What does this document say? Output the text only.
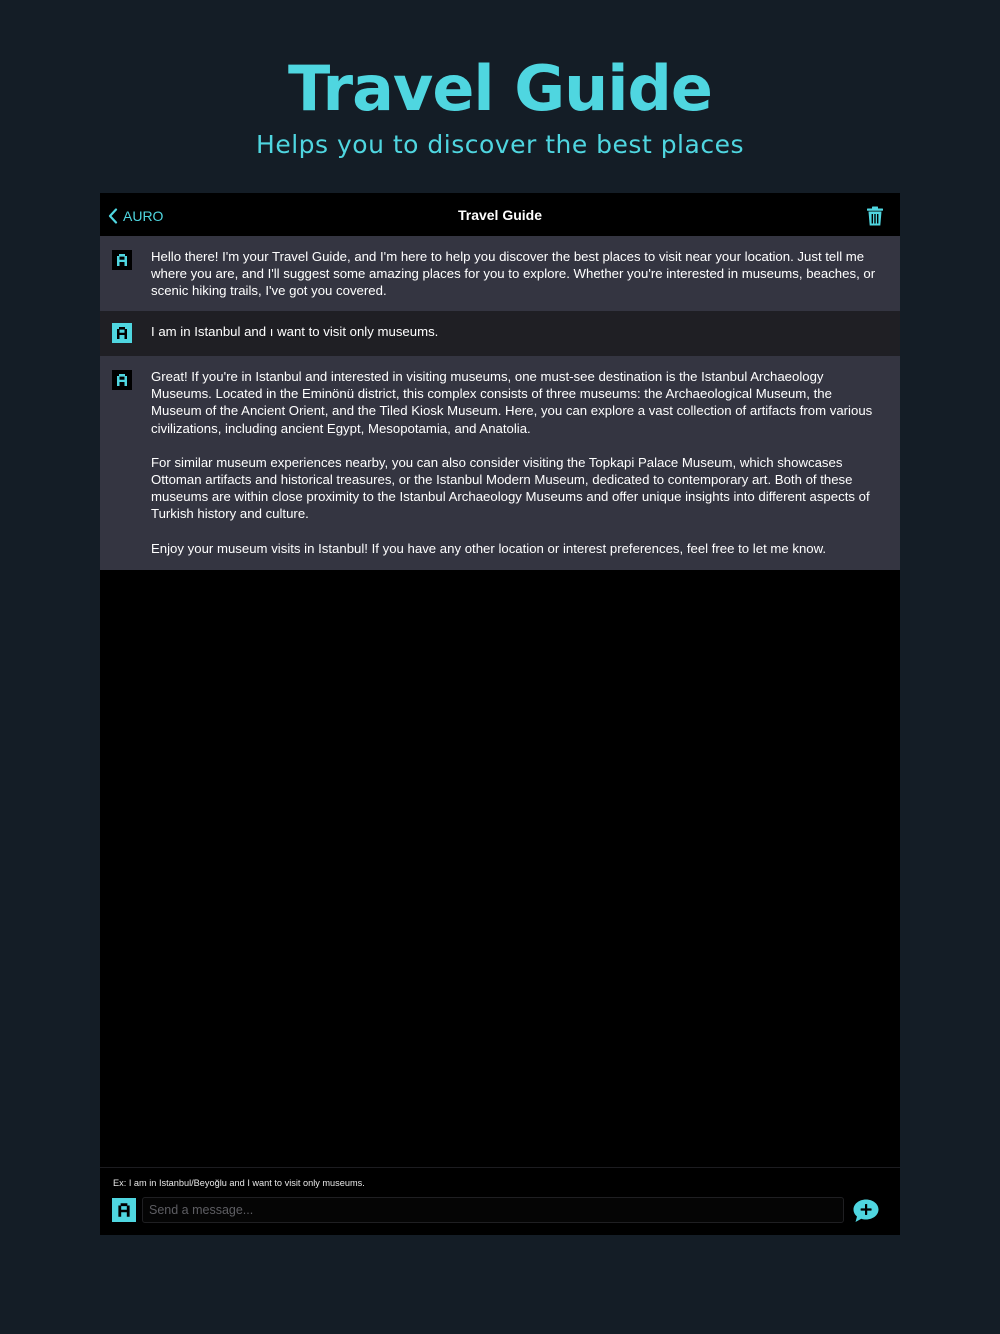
Travel Guide
Helps you to discover the best places
AURO	Travel Guide

Hello there! I'm your Travel Guide, and I'm here to help you discover the best places to visit near your location. Just tell me where you are, and I'll suggest some amazing places for you to explore. Whether you're interested in museums, beaches, or scenic hiking trails, I've got you covered.

I am in Istanbul and ı want to visit only museums.

Great! If you're in Istanbul and interested in visiting museums, one must-see destination is the Istanbul Archaeology Museums. Located in the Eminönü district, this complex consists of three museums: the Archaeological Museum, the Museum of the Ancient Orient, and the Tiled Kiosk Museum. Here, you can explore a vast collection of artifacts from various civilizations, including ancient Egypt, Mesopotamia, and Anatolia.

For similar museum experiences nearby, you can also consider visiting the Topkapi Palace Museum, which showcases Ottoman artifacts and historical treasures, or the Istanbul Modern Museum, dedicated to contemporary art. Both of these museums are within close proximity to the Istanbul Archaeology Museums and offer unique insights into different aspects of Turkish history and culture.

Enjoy your museum visits in Istanbul! If you have any other location or interest preferences, feel free to let me know.

Ex: I am in Istanbul/Beyoğlu and I want to visit only museums.
Send a message...
